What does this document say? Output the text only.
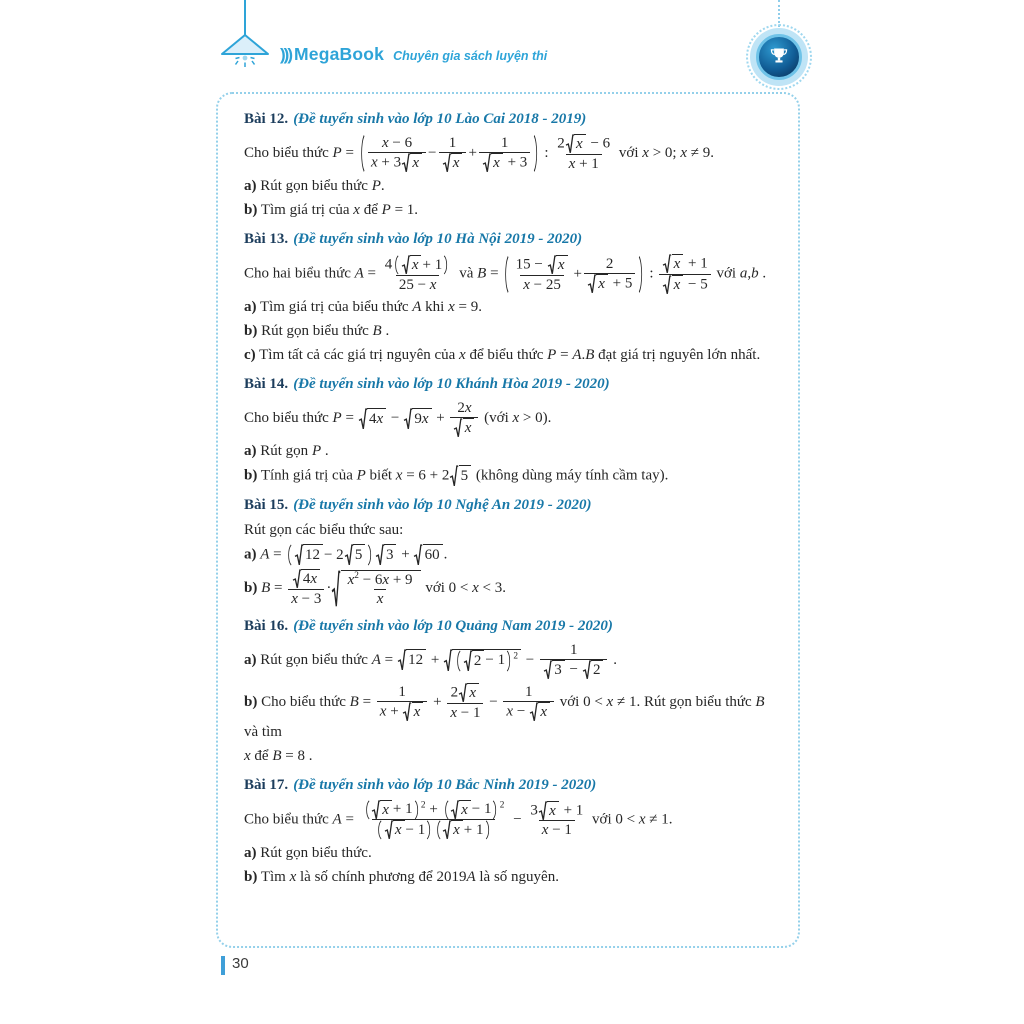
))) MegaBook Chuyên gia sách luyện thi
Bài 12. (Đề tuyển sinh vào lớp 10 Lào Cai 2018 - 2019)
Cho biểu thức $P = \frac{x - 6}{x + 3 x} - \frac{1}{x} + \frac{1}{x + 3}$ : $\frac{2 x - 6}{x + 1}$ với x > 0; x ≠ 9.
a) Rút gọn biểu thức P.
b) Tìm giá trị của x để P = 1.
Bài 13. (Đề tuyển sinh vào lớp 10 Hà Nội 2019 - 2020)
Cho hai biểu thức $A = \frac{4 x + 1}{25 - x}$ và $B = \frac{15 - x}{x - 25} + \frac{2}{x + 5}$ : $\frac{x + 1}{x - 5}$ với a,b .
a) Tìm giá trị của biểu thức A khi x = 9.
b) Rút gọn biểu thức B .
c) Tìm tất cả các giá trị nguyên của x để biểu thức P = A.B đạt giá trị nguyên lớn nhất.
Bài 14. (Đề tuyển sinh vào lớp 10 Khánh Hòa 2019 - 2020)
Cho biểu thức $P = 4x - 9x + \frac{2x}{x}$ (với x > 0).
a) Rút gọn P .
b) Tính giá trị của P biết x = 6 + 2 5 (không dùng máy tính cầm tay).
Bài 15. (Đề tuyển sinh vào lớp 10 Nghệ An 2019 - 2020)
Rút gọn các biểu thức sau:
a) A = 12 − 2 5 3 + 60 .
b) $B = \frac{4x}{x - 3} \cdot \frac{x^2 - 6x + 9}{x}$ với 0 < x < 3.
Bài 16. (Đề tuyển sinh vào lớp 10 Quảng Nam 2019 - 2020)
a) Rút gọn biểu thức A = 12 + 2 − 1 $^2 - \frac{1}{3 - 2}$ .
b) Cho biểu thức $B = \frac{1}{x + x} + \frac{2 x}{x - 1} - \frac{1}{x - x}$ với 0 < x ≠ 1. Rút gọn biểu thức B và tìm
x để B = 8 .
Bài 17. (Đề tuyển sinh vào lớp 10 Bắc Ninh 2019 - 2020)
Cho biểu thức $A = \frac{x + 1 ^2 + x - 1 ^2}{x - 1 x + 1} - \frac{3 x + 1}{x - 1}$ với 0 < x ≠ 1.
a) Rút gọn biểu thức.
b) Tìm x là số chính phương để 2019A là số nguyên.
30
